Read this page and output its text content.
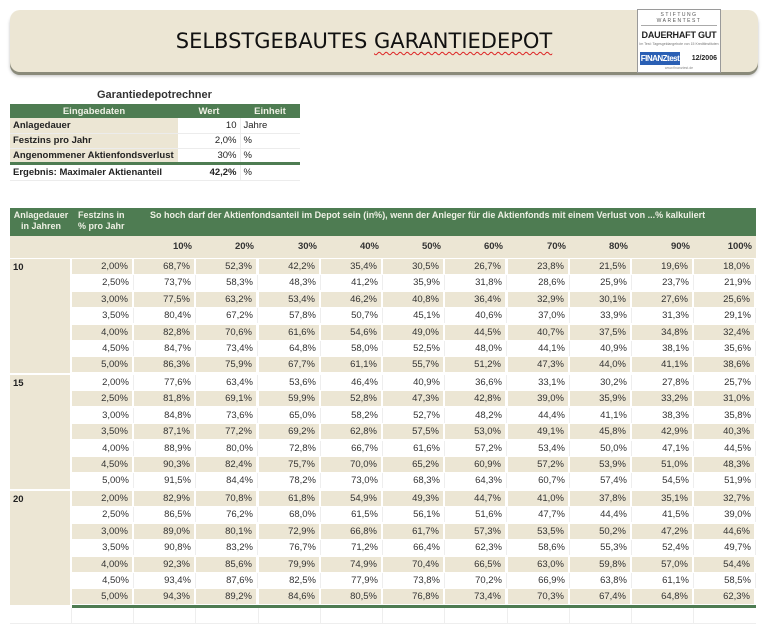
SELBSTGEBAUTES GARANTIEDEPOT
STIFTUNG WARENTEST
DAUERHAFT GUT
Im Test: Tagesgeldangebote von 15 Kreditinstituten
FINANZtest 12/2006
www.finanztest.de
Garantiedepotrechner
Eingabedaten	Wert	Einheit
Anlagedauer	10	Jahre
Festzins pro Jahr	2,0%	%
Angenommener Aktienfondsverlust	30%	%
Ergebnis: Maximaler Aktienanteil	42,2%	%
Anlagedauer
in Jahren
Festzins in
% pro Jahr
So hoch darf der Aktienfondsanteil im Depot sein (in%), wenn der Anleger für die Aktienfonds mit einem Verlust von ...% kalkuliert
10%	20%	30%	40%	50%	60%	70%	80%	90%	100%
10	2,00%	68,7%	52,3%	42,2%	35,4%	30,5%	26,7%	23,8%	21,5%	19,6%	18,0%
2,50%	73,7%	58,3%	48,3%	41,2%	35,9%	31,8%	28,6%	25,9%	23,7%	21,9%
3,00%	77,5%	63,2%	53,4%	46,2%	40,8%	36,4%	32,9%	30,1%	27,6%	25,6%
3,50%	80,4%	67,2%	57,8%	50,7%	45,1%	40,6%	37,0%	33,9%	31,3%	29,1%
4,00%	82,8%	70,6%	61,6%	54,6%	49,0%	44,5%	40,7%	37,5%	34,8%	32,4%
4,50%	84,7%	73,4%	64,8%	58,0%	52,5%	48,0%	44,1%	40,9%	38,1%	35,6%
5,00%	86,3%	75,9%	67,7%	61,1%	55,7%	51,2%	47,3%	44,0%	41,1%	38,6%
15	2,00%	77,6%	63,4%	53,6%	46,4%	40,9%	36,6%	33,1%	30,2%	27,8%	25,7%
2,50%	81,8%	69,1%	59,9%	52,8%	47,3%	42,8%	39,0%	35,9%	33,2%	31,0%
3,00%	84,8%	73,6%	65,0%	58,2%	52,7%	48,2%	44,4%	41,1%	38,3%	35,8%
3,50%	87,1%	77,2%	69,2%	62,8%	57,5%	53,0%	49,1%	45,8%	42,9%	40,3%
4,00%	88,9%	80,0%	72,8%	66,7%	61,6%	57,2%	53,4%	50,0%	47,1%	44,5%
4,50%	90,3%	82,4%	75,7%	70,0%	65,2%	60,9%	57,2%	53,9%	51,0%	48,3%
5,00%	91,5%	84,4%	78,2%	73,0%	68,3%	64,3%	60,7%	57,4%	54,5%	51,9%
20	2,00%	82,9%	70,8%	61,8%	54,9%	49,3%	44,7%	41,0%	37,8%	35,1%	32,7%
2,50%	86,5%	76,2%	68,0%	61,5%	56,1%	51,6%	47,7%	44,4%	41,5%	39,0%
3,00%	89,0%	80,1%	72,9%	66,8%	61,7%	57,3%	53,5%	50,2%	47,2%	44,6%
3,50%	90,8%	83,2%	76,7%	71,2%	66,4%	62,3%	58,6%	55,3%	52,4%	49,7%
4,00%	92,3%	85,6%	79,9%	74,9%	70,4%	66,5%	63,0%	59,8%	57,0%	54,4%
4,50%	93,4%	87,6%	82,5%	77,9%	73,8%	70,2%	66,9%	63,8%	61,1%	58,5%
5,00%	94,3%	89,2%	84,6%	80,5%	76,8%	73,4%	70,3%	67,4%	64,8%	62,3%
